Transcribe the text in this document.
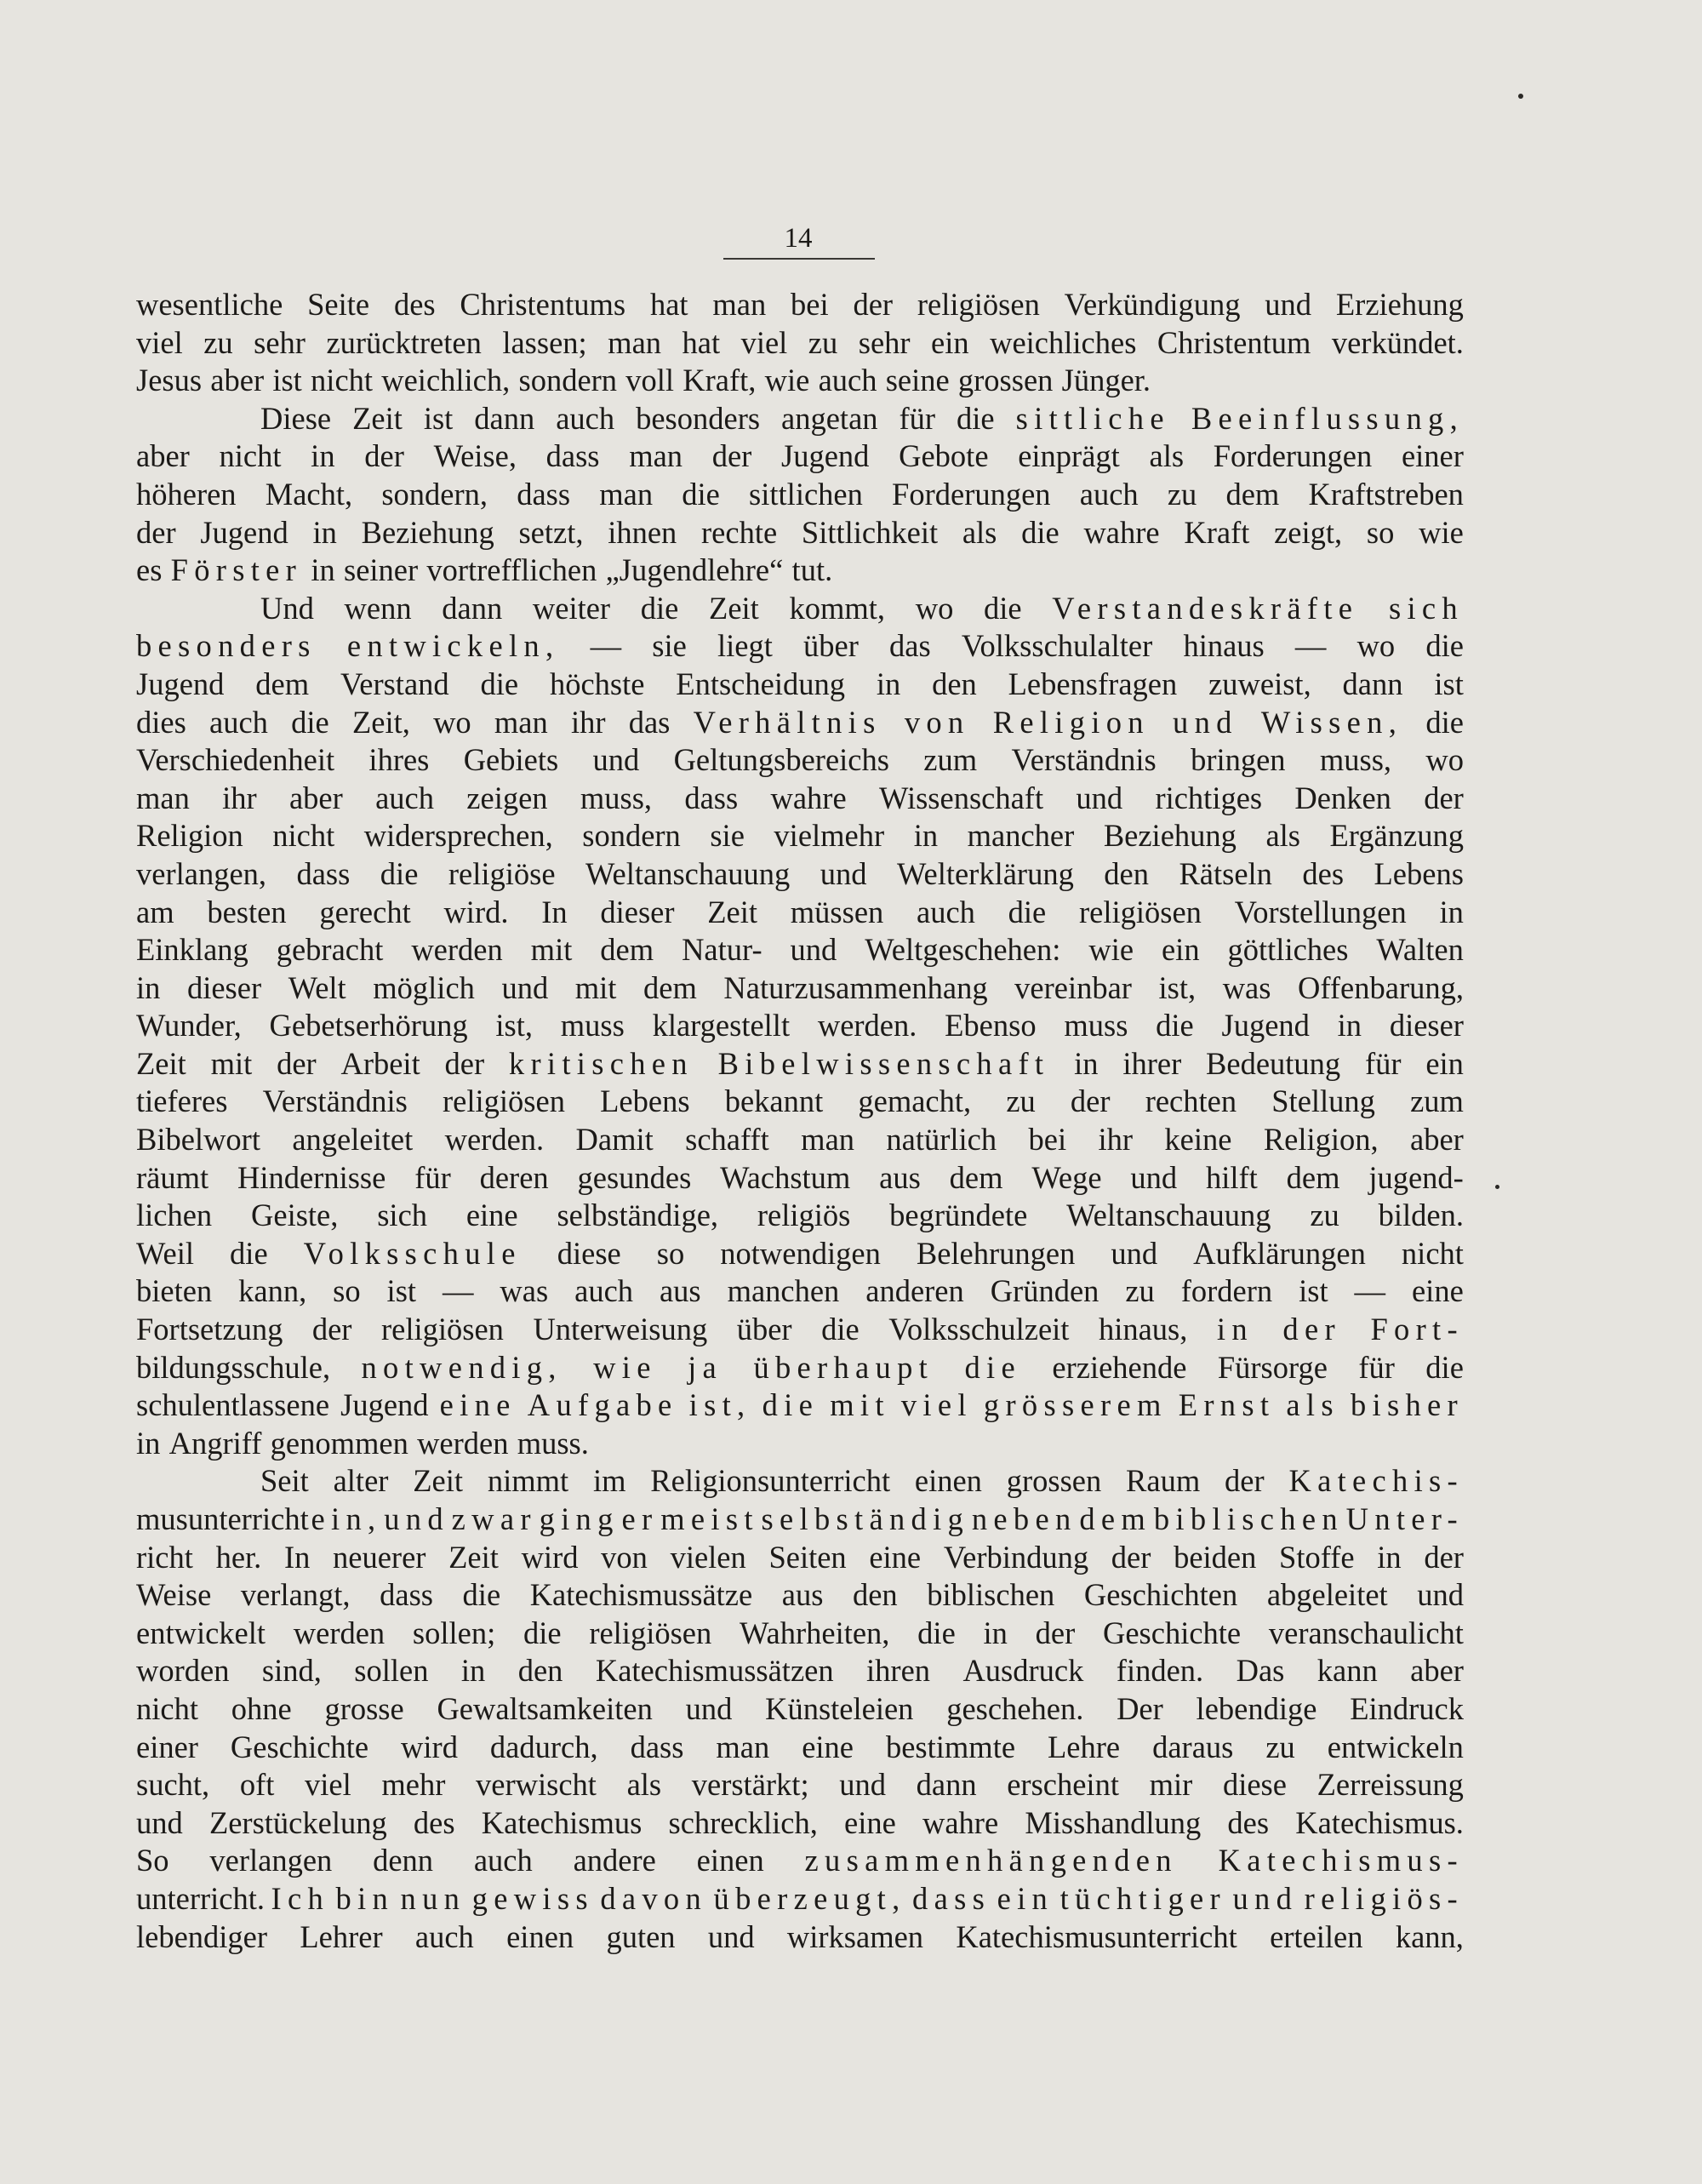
14
wesentliche Seite des Christentums hat man bei der religiösen Verkündigung und Erziehung
viel zu sehr zurücktreten lassen; man hat viel zu sehr ein weichliches Christentum verkündet.
Jesus aber ist nicht weichlich, sondern voll Kraft, wie auch seine grossen Jünger.
Diese Zeit ist dann auch besonders angetan für die sittliche Beeinflussung,
aber nicht in der Weise, dass man der Jugend Gebote einprägt als Forderungen einer
höheren Macht, sondern, dass man die sittlichen Forderungen auch zu dem Kraftstreben
der Jugend in Beziehung setzt, ihnen rechte Sittlichkeit als die wahre Kraft zeigt, so wie
es Förster in seiner vortrefflichen „Jugendlehre“ tut.
Und wenn dann weiter die Zeit kommt, wo die Verstandeskräfte sich
besonders entwickeln, — sie liegt über das Volksschulalter hinaus — wo die
Jugend dem Verstand die höchste Entscheidung in den Lebensfragen zuweist, dann ist
dies auch die Zeit, wo man ihr das Verhältnis von Religion und Wissen, die
Verschiedenheit ihres Gebiets und Geltungsbereichs zum Verständnis bringen muss, wo
man ihr aber auch zeigen muss, dass wahre Wissenschaft und richtiges Denken der
Religion nicht widersprechen, sondern sie vielmehr in mancher Beziehung als Ergänzung
verlangen, dass die religiöse Weltanschauung und Welterklärung den Rätseln des Lebens
am besten gerecht wird. In dieser Zeit müssen auch die religiösen Vorstellungen in
Einklang gebracht werden mit dem Natur- und Weltgeschehen: wie ein göttliches Walten
in dieser Welt möglich und mit dem Naturzusammenhang vereinbar ist, was Offenbarung,
Wunder, Gebetserhörung ist, muss klargestellt werden. Ebenso muss die Jugend in dieser
Zeit mit der Arbeit der kritischen Bibelwissenschaft in ihrer Bedeutung für ein
tieferes Verständnis religiösen Lebens bekannt gemacht, zu der rechten Stellung zum
Bibelwort angeleitet werden. Damit schafft man natürlich bei ihr keine Religion, aber
räumt Hindernisse für deren gesundes Wachstum aus dem Wege und hilft dem jugend-
lichen Geiste, sich eine selbständige, religiös begründete Weltanschauung zu bilden.
Weil die Volksschule diese so notwendigen Belehrungen und Aufklärungen nicht
bieten kann, so ist — was auch aus manchen anderen Gründen zu fordern ist — eine
Fortsetzung der religiösen Unterweisung über die Volksschulzeit hinaus, in der Fort-
bildungsschule, notwendig, wie ja überhaupt die erziehende Fürsorge für die
schulentlassene Jugend eine Aufgabe ist, die mit viel grösserem Ernst als bisher
in Angriff genommen werden muss.
Seit alter Zeit nimmt im Religionsunterricht einen grossen Raum der Katechis-
musunterricht ein, und zwar ging er meist selbständig neben dem biblischen Unter-
richt her. In neuerer Zeit wird von vielen Seiten eine Verbindung der beiden Stoffe in der
Weise verlangt, dass die Katechismussätze aus den biblischen Geschichten abgeleitet und
entwickelt werden sollen; die religiösen Wahrheiten, die in der Geschichte veranschaulicht
worden sind, sollen in den Katechismussätzen ihren Ausdruck finden. Das kann aber
nicht ohne grosse Gewaltsamkeiten und Künsteleien geschehen. Der lebendige Eindruck
einer Geschichte wird dadurch, dass man eine bestimmte Lehre daraus zu entwickeln
sucht, oft viel mehr verwischt als verstärkt; und dann erscheint mir diese Zerreissung
und Zerstückelung des Katechismus schrecklich, eine wahre Misshandlung des Katechismus.
So verlangen denn auch andere einen zusammenhängenden Katechismus-
unterricht. Ich bin nun gewiss davon überzeugt, dass ein tüchtiger und religiös-
lebendiger Lehrer auch einen guten und wirksamen Katechismusunterricht erteilen kann,
